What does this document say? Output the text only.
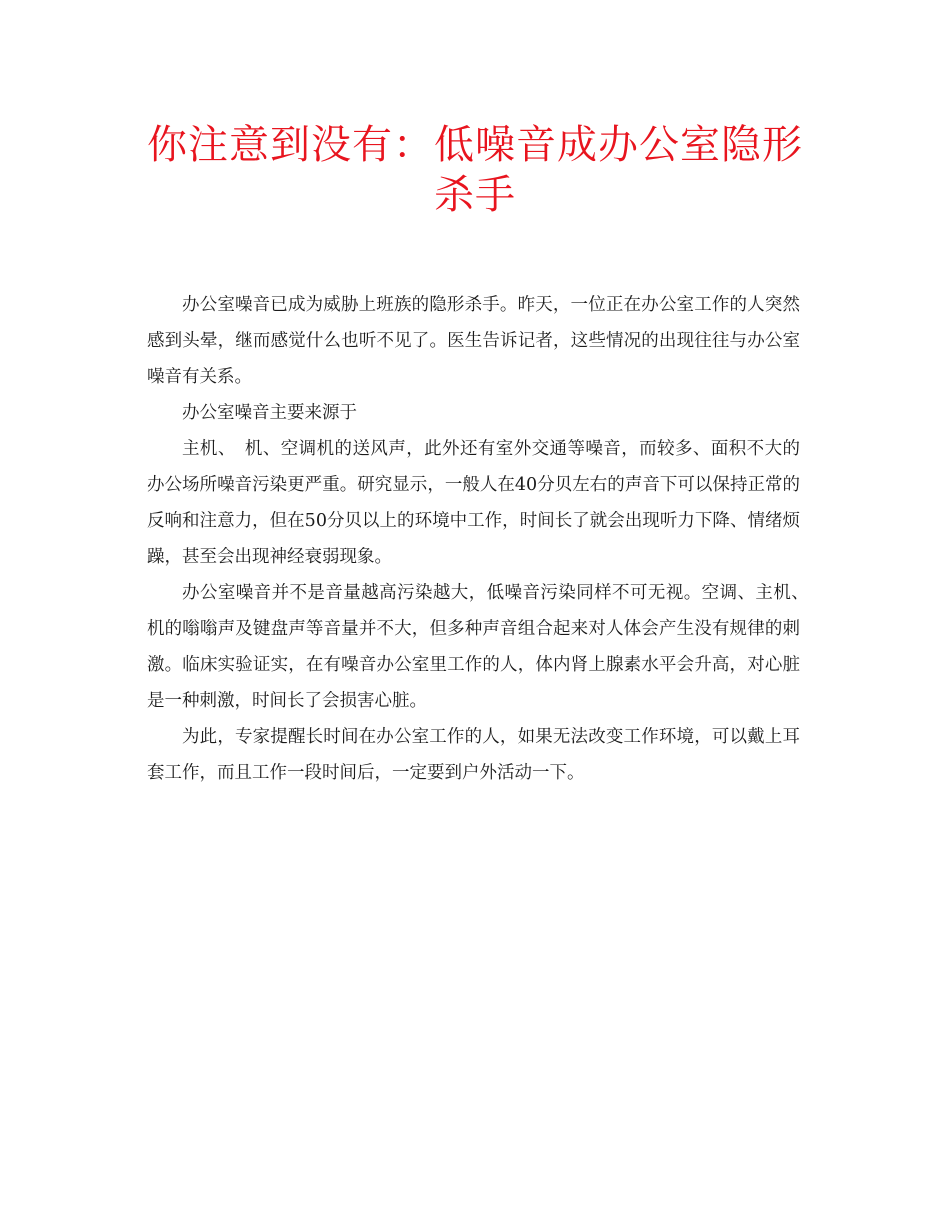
你注意到没有：低噪音成办公室隐形杀手

办公室噪音已成为威胁上班族的隐形杀手。昨天，一位正在办公室工作的人突然感到头晕，继而感觉什么也听不见了。医生告诉记者，这些情况的出现往往与办公室噪音有关系。

办公室噪音主要来源于

主机、　机、空调机的送风声，此外还有室外交通等噪音，而较多、面积不大的办公场所噪音污染更严重。研究显示，一般人在40分贝左右的声音下可以保持正常的反响和注意力，但在50分贝以上的环境中工作，时间长了就会出现听力下降、情绪烦躁，甚至会出现神经衰弱现象。

办公室噪音并不是音量越高污染越大，低噪音污染同样不可无视。空调、主机、　机的嗡嗡声及键盘声等音量并不大，但多种声音组合起来对人体会产生没有规律的刺激。临床实验证实，在有噪音办公室里工作的人，体内肾上腺素水平会升高，对心脏是一种刺激，时间长了会损害心脏。

为此，专家提醒长时间在办公室工作的人，如果无法改变工作环境，可以戴上耳套工作，而且工作一段时间后，一定要到户外活动一下。
